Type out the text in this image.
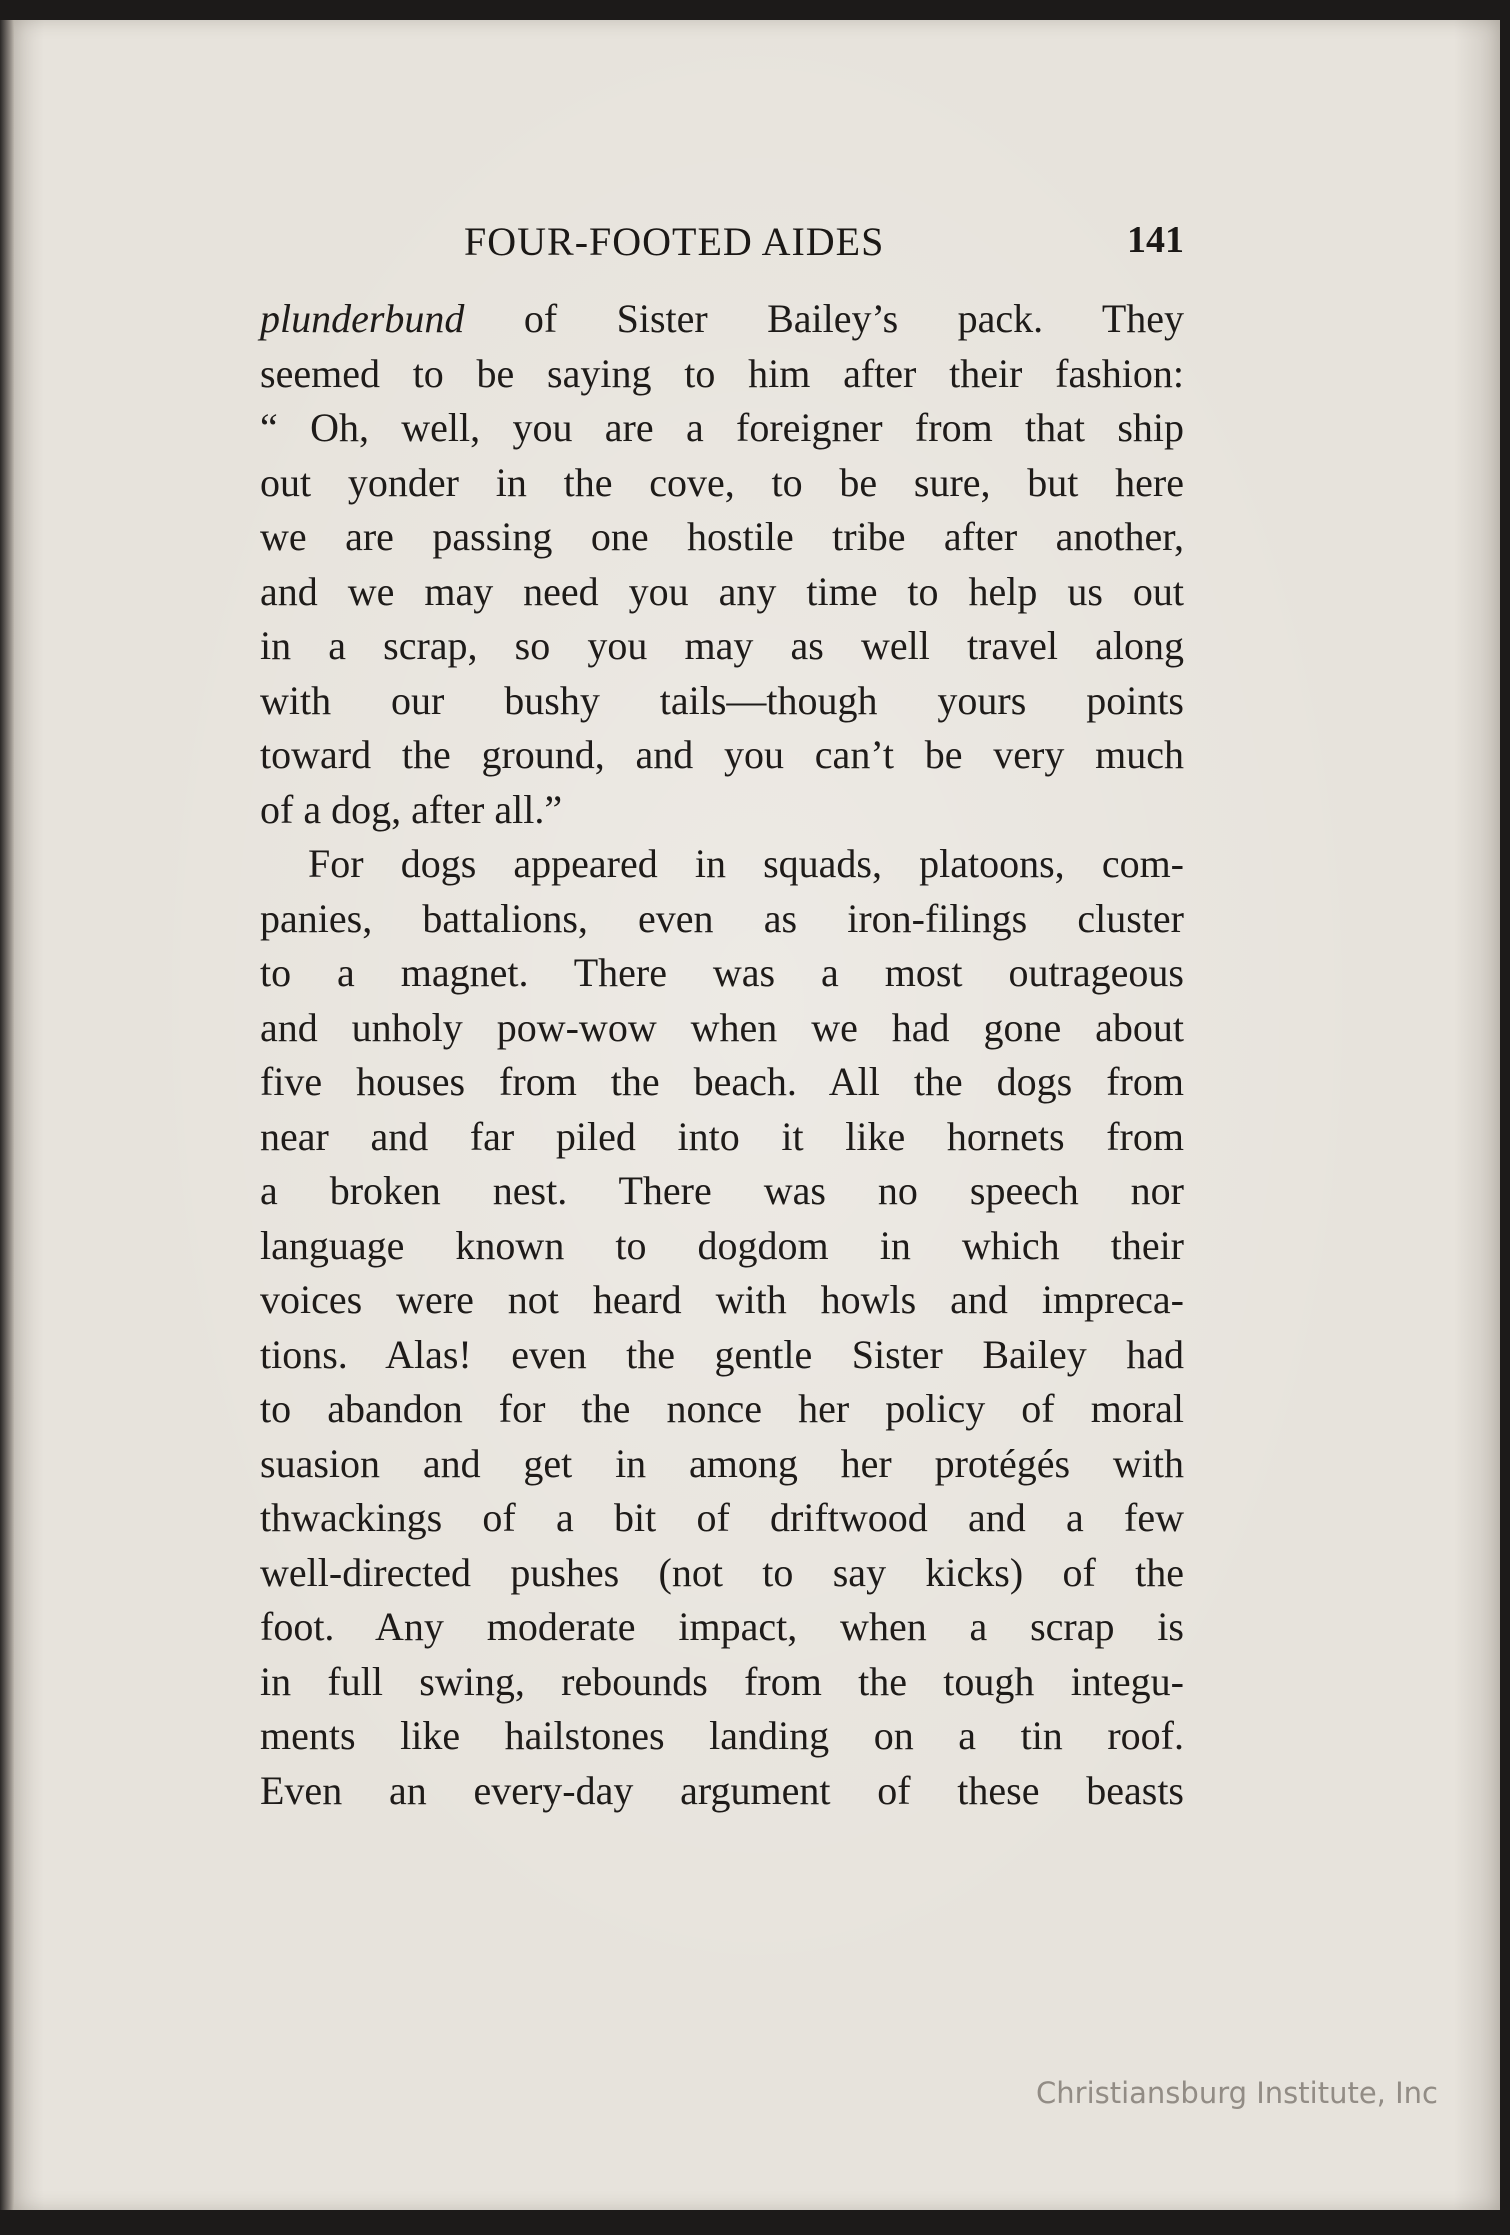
FOUR-FOOTED AIDES	141
plunderbund of Sister Bailey’s pack. They
seemed to be saying to him after their fashion:
“ Oh, well, you are a foreigner from that ship
out yonder in the cove, to be sure, but here
we are passing one hostile tribe after another,
and we may need you any time to help us out
in a scrap, so you may as well travel along
with our bushy tails—though yours points
toward the ground, and you can’t be very much
of a dog, after all.”
For dogs appeared in squads, platoons, com-
panies, battalions, even as iron-filings cluster
to a magnet. There was a most outrageous
and unholy pow-wow when we had gone about
five houses from the beach. All the dogs from
near and far piled into it like hornets from
a broken nest. There was no speech nor
language known to dogdom in which their
voices were not heard with howls and impreca-
tions. Alas! even the gentle Sister Bailey had
to abandon for the nonce her policy of moral
suasion and get in among her protégés with
thwackings of a bit of driftwood and a few
well-directed pushes (not to say kicks) of the
foot. Any moderate impact, when a scrap is
in full swing, rebounds from the tough integu-
ments like hailstones landing on a tin roof.
Even an every-day argument of these beasts
Christiansburg Institute, Inc
